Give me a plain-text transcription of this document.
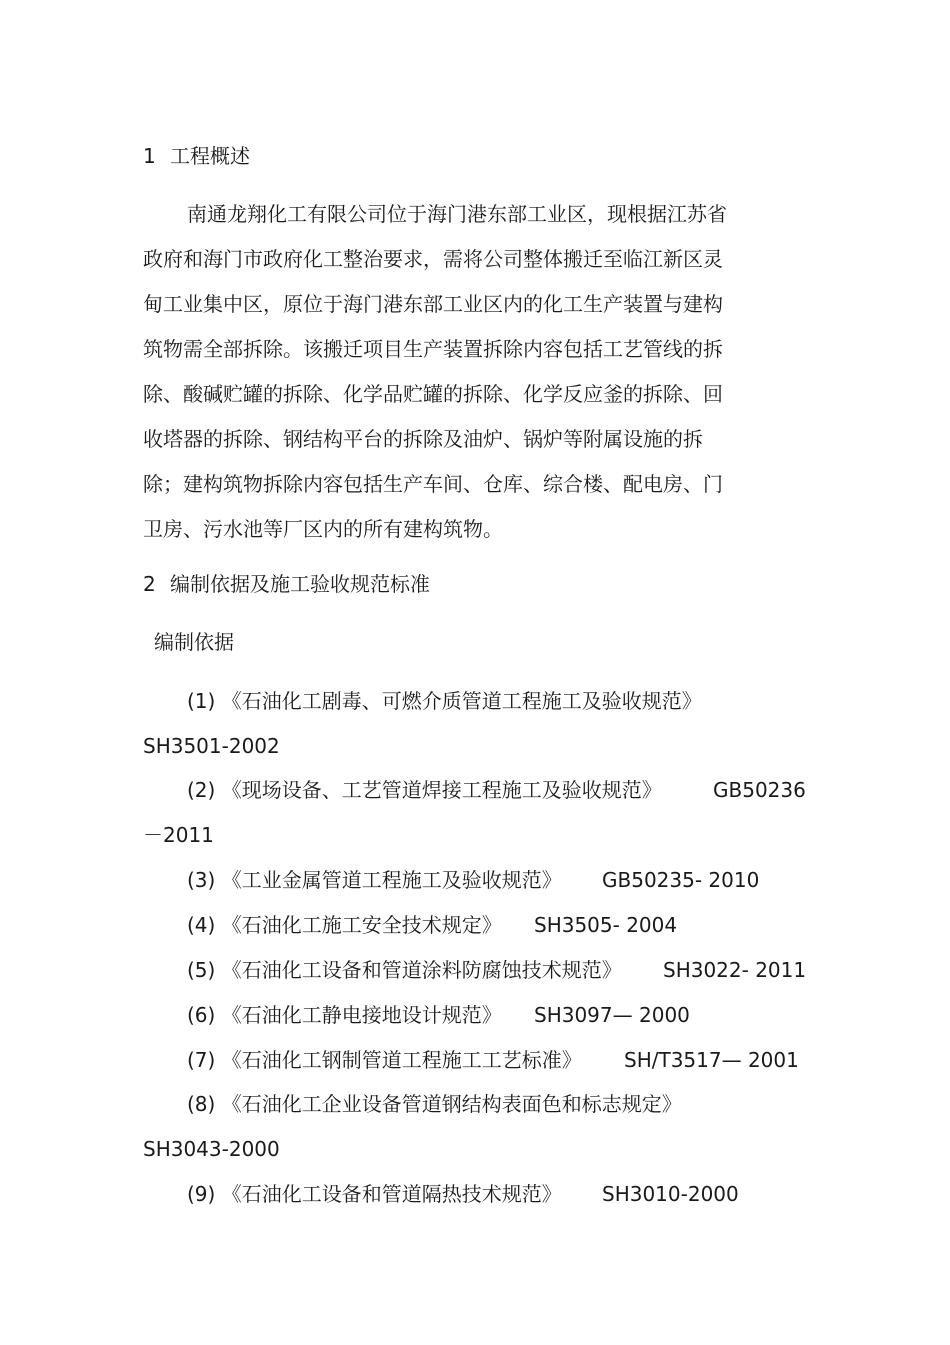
1 工程概述
南通龙翔化工有限公司位于海门港东部工业区，现根据江苏省
政府和海门市政府化工整治要求，需将公司整体搬迁至临江新区灵
甸工业集中区，原位于海门港东部工业区内的化工生产装置与建构
筑物需全部拆除。该搬迁项目生产装置拆除内容包括工艺管线的拆
除、酸碱贮罐的拆除、化学品贮罐的拆除、化学反应釜的拆除、回
收塔器的拆除、钢结构平台的拆除及油炉、锅炉等附属设施的拆
除；建构筑物拆除内容包括生产车间、仓库、综合楼、配电房、门
卫房、污水池等厂区内的所有建构筑物。
2 编制依据及施工验收规范标准
编制依据
(1) 《石油化工剧毒、可燃介质管道工程施工及验收规范》
SH3501-2002
(2) 《现场设备、工艺管道焊接工程施工及验收规范》	GB50236
－2011
(3) 《工业金属管道工程施工及验收规范》 GB50235- 2010
(4) 《石油化工施工安全技术规定》 SH3505- 2004
(5) 《石油化工设备和管道涂料防腐蚀技术规范》 SH3022- 2011
(6) 《石油化工静电接地设计规范》 SH3097— 2000
(7) 《石油化工钢制管道工程施工工艺标准》 SH/T3517— 2001
(8) 《石油化工企业设备管道钢结构表面色和标志规定》
SH3043-2000
(9) 《石油化工设备和管道隔热技术规范》 SH3010-2000
